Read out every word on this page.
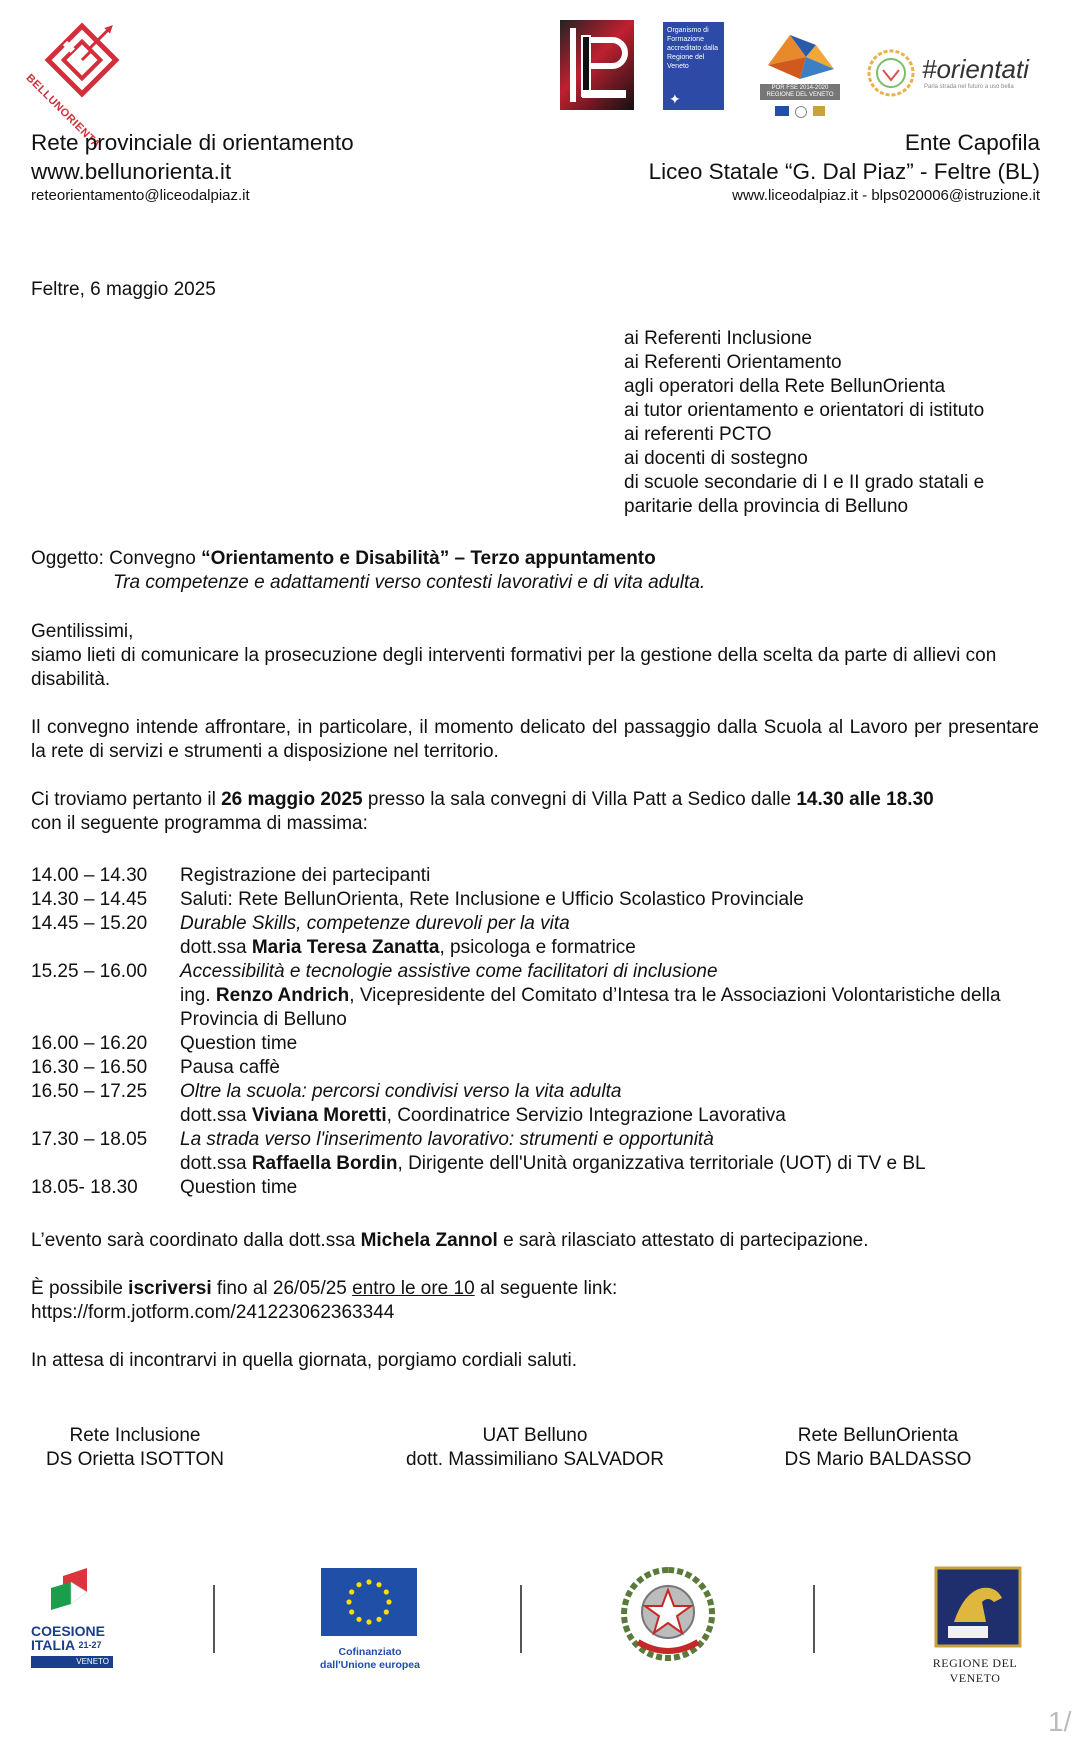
BELLUNORIENTA
Organismo di Formazione accreditato dalla Regione del Veneto
✦
POR FSE 2014-2020 REGIONE DEL VENETO
#orientati
Parla strada nel futuro a uso bella
Rete provinciale di orientamento
www.bellunorienta.it
reteorientamento@liceodalpiaz.it
Ente Capofila
Liceo Statale “G. Dal Piaz” - Feltre (BL)
www.liceodalpiaz.it - blps020006@istruzione.it
Feltre, 6 maggio 2025
ai Referenti Inclusione
ai Referenti Orientamento
agli operatori della Rete BellunOrienta
ai tutor orientamento e orientatori di istituto
ai referenti PCTO
ai docenti di sostegno
di scuole secondarie di I e II grado statali e
paritarie della provincia di Belluno
Oggetto: Convegno “Orientamento e Disabilità” – Terzo appuntamento
Tra competenze e adattamenti verso contesti lavorativi e di vita adulta.
Gentilissimi,
siamo lieti di comunicare la prosecuzione degli interventi formativi per la gestione della scelta da parte di allievi con disabilità.
Il convegno intende affrontare, in particolare, il momento delicato del passaggio dalla Scuola al Lavoro per presentare la rete di servizi e strumenti a disposizione nel territorio.
Ci troviamo pertanto il 26 maggio 2025 presso la sala convegni di Villa Patt a Sedico dalle 14.30 alle 18.30
con il seguente programma di massima:
14.00 – 14.30	Registrazione dei partecipanti
14.30 – 14.45	Saluti: Rete BellunOrienta, Rete Inclusione e Ufficio Scolastico Provinciale
14.45 – 15.20	Durable Skills, competenze durevoli per la vita
dott.ssa Maria Teresa Zanatta, psicologa e formatrice
15.25 – 16.00	Accessibilità e tecnologie assistive come facilitatori di inclusione
ing. Renzo Andrich, Vicepresidente del Comitato d’Intesa tra le Associazioni Volontaristiche della Provincia di Belluno
16.00 – 16.20	Question time
16.30 – 16.50	Pausa caffè
16.50 – 17.25	Oltre la scuola: percorsi condivisi verso la vita adulta
dott.ssa Viviana Moretti, Coordinatrice Servizio Integrazione Lavorativa
17.30 – 18.05	La strada verso l'inserimento lavorativo: strumenti e opportunità
dott.ssa Raffaella Bordin, Dirigente dell'Unità organizzativa territoriale (UOT) di TV e BL
18.05- 18.30	Question time
L’evento sarà coordinato dalla dott.ssa Michela Zannol e sarà rilasciato attestato di partecipazione.
È possibile iscriversi fino al 26/05/25 entro le ore 10 al seguente link:
https://form.jotform.com/241223062363344
In attesa di incontrarvi in quella giornata, porgiamo cordiali saluti.
Rete Inclusione
DS Orietta ISOTTON
UAT Belluno
dott. Massimiliano SALVADOR
Rete BellunOrienta
DS Mario BALDASSO
COESIONE
ITALIA $^{21-27}$
VENETO
Cofinanziato
dall'Unione europea	REGIONE DEL VENETO
1/
